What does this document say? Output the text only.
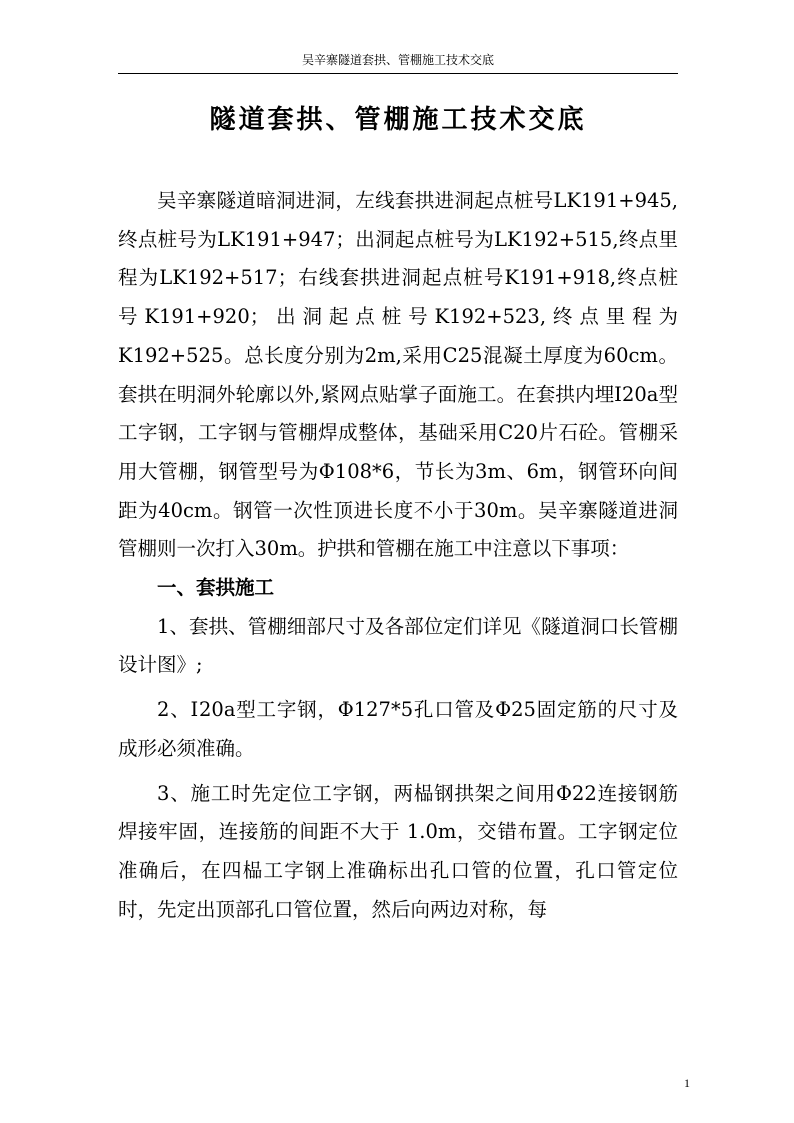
吴辛寨隧道套拱、管棚施工技术交底
隧道套拱、管棚施工技术交底

吴辛寨隧道暗洞进洞，左线套拱进洞起点桩号LK191+945,终点桩号为LK191+947；出洞起点桩号为LK192+515,终点里程为LK192+517；右线套拱进洞起点桩号K191+918,终点桩号K191+920；出洞起点桩号K192+523,终点里程为K192+525。总长度分别为2m,采用C25混凝土厚度为60cm。套拱在明洞外轮廓以外,紧网点贴掌子面施工。在套拱内埋Ⅰ20a型工字钢，工字钢与管棚焊成整体，基础采用C20片石砼。管棚采用大管棚，钢管型号为Φ108*6，节长为3m、6m，钢管环向间距为40cm。钢管一次性顶进长度不小于30m。吴辛寨隧道进洞管棚则一次打入30m。护拱和管棚在施工中注意以下事项：

一、套拱施工

1、套拱、管棚细部尺寸及各部位定们详见《隧道洞口长管棚设计图》;

2、Ⅰ20a型工字钢，Φ127*5孔口管及Φ25固定筋的尺寸及成形必须准确。

3、施工时先定位工字钢，两榀钢拱架之间用Φ22连接钢筋焊接牢固，连接筋的间距不大于 1.0m，交错布置。工字钢定位准确后，在四榀工字钢上准确标出孔口管的位置，孔口管定位时，先定出顶部孔口管位置，然后向两边对称，每

1
